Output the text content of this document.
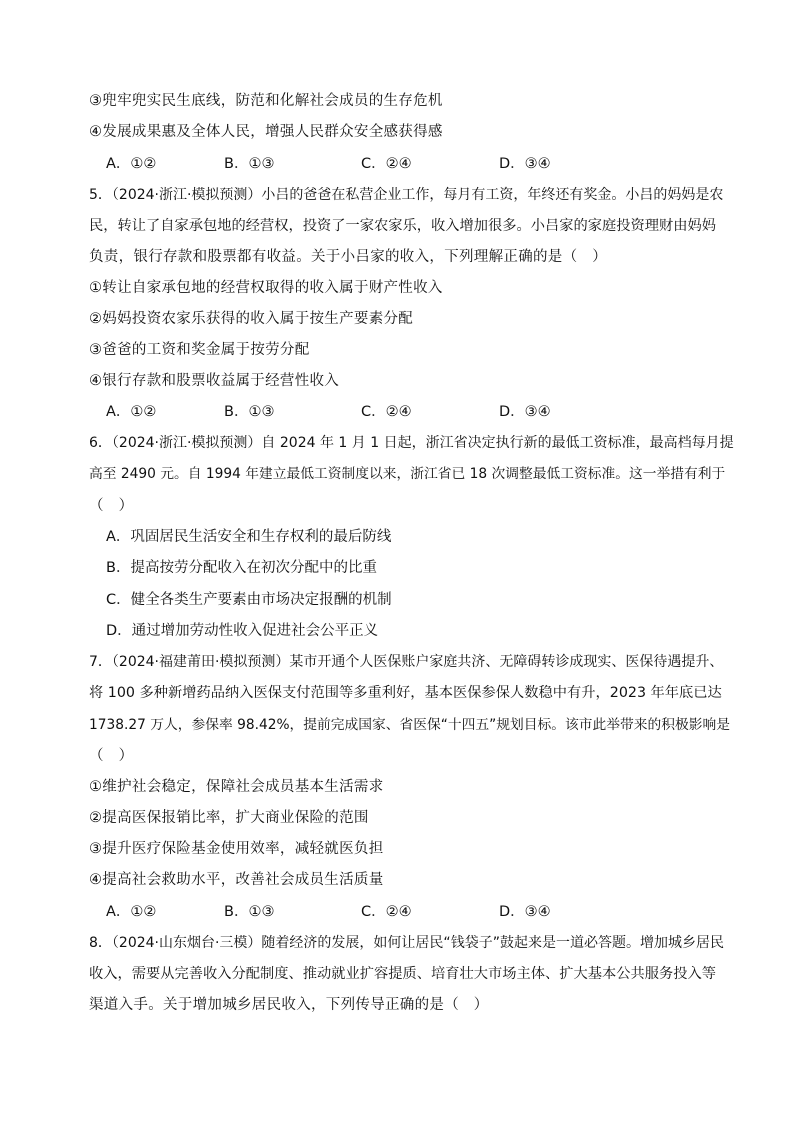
③兜牢兜实民生底线，防范和化解社会成员的生存危机
④发展成果惠及全体人民，增强人民群众安全感获得感
A．①②	B．①③	C．②④	D．③④
5．（2024·浙江·模拟预测）小吕的爸爸在私营企业工作，每月有工资，年终还有奖金。小吕的妈妈是农
民，转让了自家承包地的经营权，投资了一家农家乐，收入增加很多。小吕家的家庭投资理财由妈妈
负责，银行存款和股票都有收益。关于小吕家的收入，下列理解正确的是（　）
①转让自家承包地的经营权取得的收入属于财产性收入
②妈妈投资农家乐获得的收入属于按生产要素分配
③爸爸的工资和奖金属于按劳分配
④银行存款和股票收益属于经营性收入
A．①②	B．①③	C．②④	D．③④
6．（2024·浙江·模拟预测）自 2024 年 1 月 1 日起，浙江省决定执行新的最低工资标准，最高档每月提
高至 2490 元。自 1994 年建立最低工资制度以来，浙江省已 18 次调整最低工资标准。这一举措有利于
（　）
A．巩固居民生活安全和生存权利的最后防线
B．提高按劳分配收入在初次分配中的比重
C．健全各类生产要素由市场决定报酬的机制
D．通过增加劳动性收入促进社会公平正义
7．（2024·福建莆田·模拟预测）某市开通个人医保账户家庭共济、无障碍转诊成现实、医保待遇提升、
将 100 多种新增药品纳入医保支付范围等多重利好，基本医保参保人数稳中有升，2023 年年底已达
1738.27 万人，参保率 98.42%，提前完成国家、省医保“十四五”规划目标。该市此举带来的积极影响是
（　）
①维护社会稳定，保障社会成员基本生活需求
②提高医保报销比率，扩大商业保险的范围
③提升医疗保险基金使用效率，减轻就医负担
④提高社会救助水平，改善社会成员生活质量
A．①②	B．①③	C．②④	D．③④
8．（2024·山东烟台·三模）随着经济的发展，如何让居民“钱袋子”鼓起来是一道必答题。增加城乡居民
收入，需要从完善收入分配制度、推动就业扩容提质、培育壮大市场主体、扩大基本公共服务投入等
渠道入手。关于增加城乡居民收入，下列传导正确的是（　）
